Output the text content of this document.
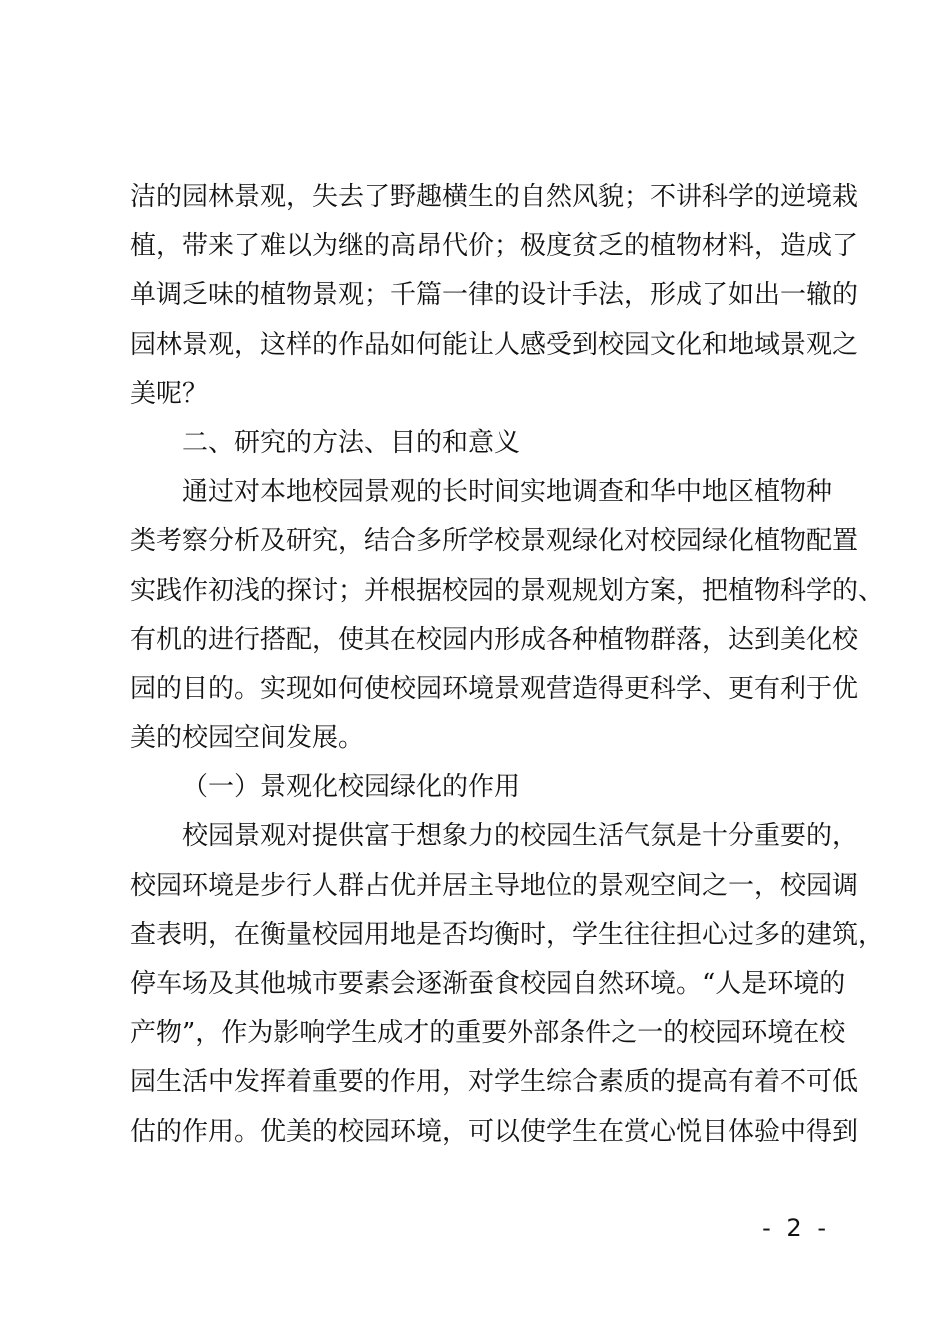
洁的园林景观，失去了野趣横生的自然风貌；不讲科学的逆境栽
植，带来了难以为继的高昂代价；极度贫乏的植物材料，造成了
单调乏味的植物景观；千篇一律的设计手法，形成了如出一辙的
园林景观，这样的作品如何能让人感受到校园文化和地域景观之
美呢？
二、研究的方法、目的和意义
通过对本地校园景观的长时间实地调查和华中地区植物种
类考察分析及研究，结合多所学校景观绿化对校园绿化植物配置
实践作初浅的探讨；并根据校园的景观规划方案，把植物科学的、
有机的进行搭配，使其在校园内形成各种植物群落，达到美化校
园的目的。实现如何使校园环境景观营造得更科学、更有利于优
美的校园空间发展。
（一）景观化校园绿化的作用
校园景观对提供富于想象力的校园生活气氛是十分重要的，
校园环境是步行人群占优并居主导地位的景观空间之一，校园调
查表明，在衡量校园用地是否均衡时，学生往往担心过多的建筑，
停车场及其他城市要素会逐渐蚕食校园自然环境。“人是环境的
产物”，作为影响学生成才的重要外部条件之一的校园环境在校
园生活中发挥着重要的作用，对学生综合素质的提高有着不可低
估的作用。优美的校园环境，可以使学生在赏心悦目体验中得到
- 2 -
